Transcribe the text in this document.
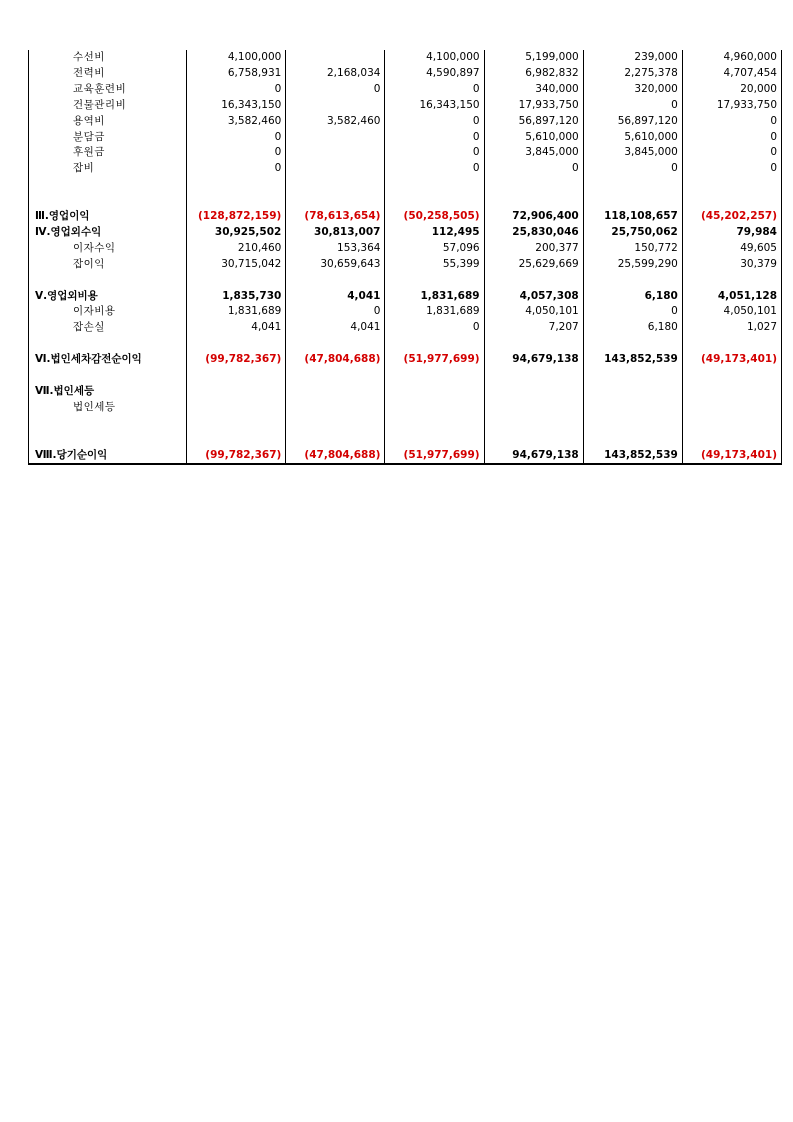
수선비	4,100,000		4,100,000	5,199,000	239,000	4,960,000
전력비	6,758,931	2,168,034	4,590,897	6,982,832	2,275,378	4,707,454
교육훈련비	0	0	0	340,000	320,000	20,000
건물관리비	16,343,150		16,343,150	17,933,750	0	17,933,750
용역비	3,582,460	3,582,460	0	56,897,120	56,897,120	0
분담금	0		0	5,610,000	5,610,000	0
후원금	0		0	3,845,000	3,845,000	0
잡비	0		0	0	0	0

Ⅲ.영업이익	(128,872,159)	(78,613,654)	(50,258,505)	72,906,400	118,108,657	(45,202,257)
Ⅳ.영업외수익	30,925,502	30,813,007	112,495	25,830,046	25,750,062	79,984
이자수익	210,460	153,364	57,096	200,377	150,772	49,605
잡이익	30,715,042	30,659,643	55,399	25,629,669	25,599,290	30,379

Ⅴ.영업외비용	1,835,730	4,041	1,831,689	4,057,308	6,180	4,051,128
이자비용	1,831,689	0	1,831,689	4,050,101	0	4,050,101
잡손실	4,041	4,041	0	7,207	6,180	1,027

Ⅵ.법인세차감전순이익	(99,782,367)	(47,804,688)	(51,977,699)	94,679,138	143,852,539	(49,173,401)

Ⅶ.법인세등						
법인세등						

Ⅷ.당기순이익	(99,782,367)	(47,804,688)	(51,977,699)	94,679,138	143,852,539	(49,173,401)
